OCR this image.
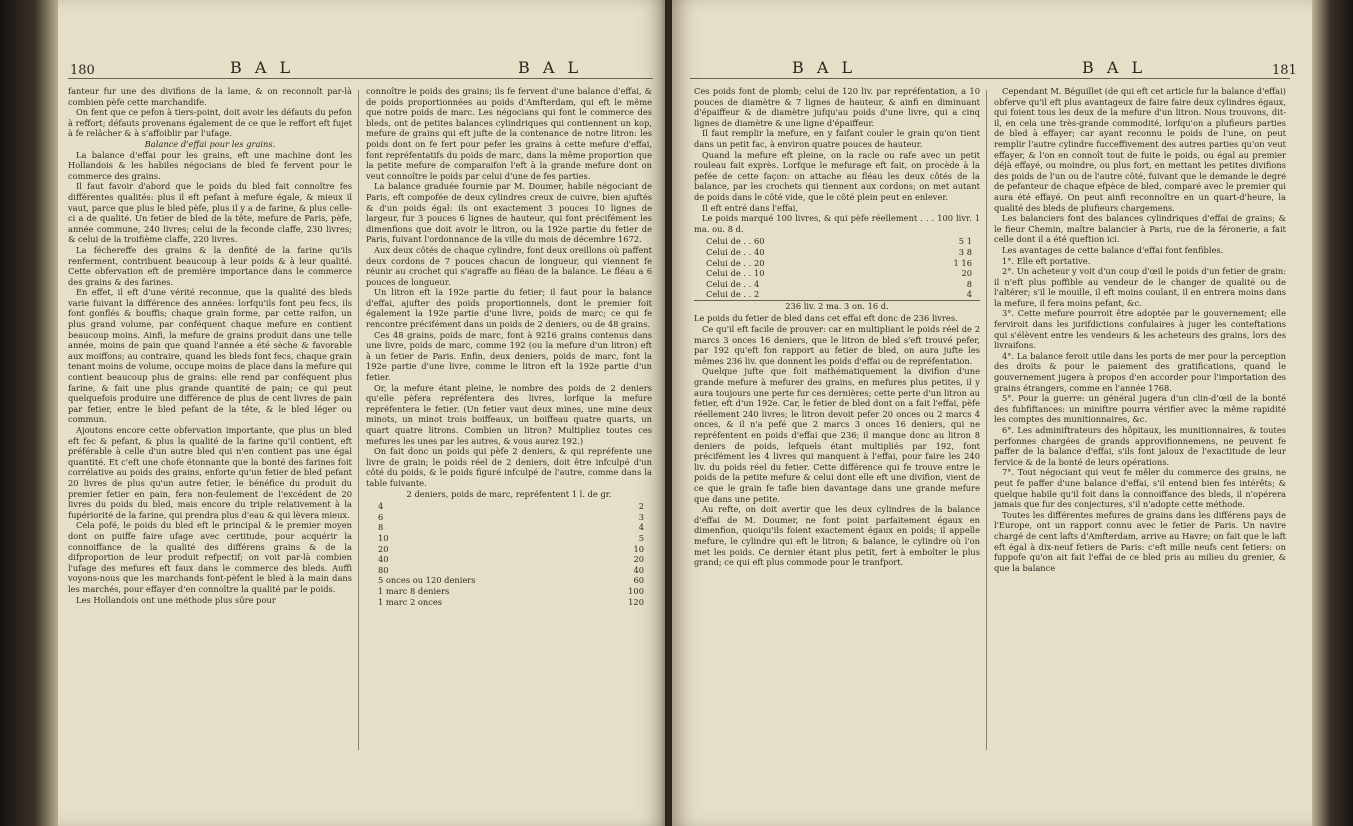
180	B A L	B A L

fanteur fur une des divifions de la lame, & on reconnoît par-là combien pèfe cette marchandife.

On fent que ce pefon à tiers-point, doit avoir les défauts du pefon à reffort; défauts provenans également de ce que le reffort eft fujet à fe relâcher & à s'affoiblir par l'ufage.

Balance d'effai pour les grains.

La balance d'effai pour les grains, eft une machine dont les Hollandois & les habiles négocians de bled fe fervent pour le commerce des grains.

Il faut favoir d'abord que le poids du bled fait connoître fes différentes qualités: plus il eft pefant à mefure égale, & mieux il vaut, parce que plus le bled pèfe, plus il y a de farine, & plus celle-ci a de qualité. Un fetier de bled de la tête, mefure de Paris, pèfe, année commune, 240 livres; celui de la feconde claffe, 230 livres; & celui de la troifième claffe, 220 livres.

La féchereffe des grains & la denfité de la farine qu'ils renferment, contribuent beaucoup à leur poids & à leur qualité. Cette obfervation eft de première importance dans le commerce des grains & des farines.

En effet, il eft d'une vérité reconnue, que la qualité des bleds varie fuivant la différence des années: lorfqu'ils font peu fecs, ils font gonflés & bouffis; chaque grain forme, par cette raifon, un plus grand volume, par conféquent chaque mefure en contient beaucoup moins. Ainfi, la mefure de grains produit dans une telle année, moins de pain que quand l'année a été sèche & favorable aux moiffons; au contraire, quand les bleds font fecs, chaque grain tenant moins de volume, occupe moins de place dans la mefure qui contient beaucoup plus de grains: elle rend par conféquent plus farine, & fait une plus grande quantité de pain; ce qui peut quelquefois produire une différence de plus de cent livres de pain par fetier, entre le bled pefant de la tête, & le bled léger ou commun.

Ajoutons encore cette obfervation importante, que plus un bled eft fec & pefant, & plus la qualité de la farine qu'il contient, eft préférable à celle d'un autre bled qui n'en contient pas une égal quantité. Et c'eft une chofe étonnante que la bonté des farines foit corrélative au poids des grains, enforte qu'un fetier de bled pefant 20 livres de plus qu'un autre fetier, le bénéfice du produit du premier fetier en pain, fera non-feulement de l'excédent de 20 livres du poids du bled, mais encore du triple relativement à la fupériorité de la farine, qui prendra plus d'eau & qui lèvera mieux.

Cela pofé, le poids du bled eft le principal & le premier moyen dont on puiffe faire ufage avec certitude, pour acquérir la connoiffance de la qualité des différens grains & de la difproportion de leur produit refpectif; on voit par-là combien l'ufage des mefures eft faux dans le commerce des bleds. Auffi voyons-nous que les marchands font-pèfent le bled à la main dans les marchés, pour effayer d'en connoître la qualité par le poids.

Les Hollandois ont une méthode plus sûre pour

connoître le poids des grains; ils fe fervent d'une balance d'effai, & de poids proportionnées au poids d'Amfterdam, qui eft le même que notre poids de marc. Les négocians qui font le commerce des bleds, ont de petites balances cylindriques qui contiennent un kop, mefure de grains qui eft jufte de la contenance de notre litron: les poids dont on fe fert pour pefer les grains à cette mefure d'effai, font repréfentatifs du poids de marc, dans la même proportion que la petite mefure de comparaifon l'eft à la grande mefure dont on veut connoître le poids par celui d'une de fes parties.

La balance graduée fournie par M. Doumer, habile négociant de Paris, eft compofée de deux cylindres creux de cuivre, bien ajuftés & d'un poids égal: ils ont exactement 3 pouces 10 lignes de largeur, fur 3 pouces 6 lignes de hauteur, qui font précifément les dimenfions que doit avoir le litron, ou la 192e partie du fetier de Paris, fuivant l'ordonnance de la ville du mois de décembre 1672.

Aux deux côtés de chaque cylindre, font deux oreillons où paffent deux cordons de 7 pouces chacun de longueur, qui viennent fe réunir au crochet qui s'agraffe au fléau de la balance. Le fléau a 6 pouces de longueur.

Un litron eft la 192e partie du fetier; il faut pour la balance d'effai, ajufter des poids proportionnels, dont le premier foit également la 192e partie d'une livre, poids de marc; ce qui fe rencontre précifément dans un poids de 2 deniers, ou de 48 grains.

Ces 48 grains, poids de marc, font à 9216 grains contenus dans une livre, poids de marc, comme 192 (ou la mefure d'un litron) eft à un fetier de Paris. Enfin, deux deniers, poids de marc, font la 192e partie d'une livre, comme le litron eft la 192e partie d'un fetier.

Or, la mefure étant pleine, le nombre des poids de 2 deniers qu'elle pèfera repréfentera des livres, lorfque la mefure repréfentera le fetier. (Un fetier vaut deux mines, une mine deux minots, un minot trois boiffeaux, un boiffeau quatre quarts, un quart quatre litrons. Combien un litron? Multipliez toutes ces mefures les unes par les autres, & vous aurez 192.)

On fait donc un poids qui pèfe 2 deniers, & qui repréfente une livre de grain; le poids réel de 2 deniers, doit être infculpé d'un côté du poids, & le poids figuré infculpé de l'autre, comme dans la table fuivante.

2 deniers, poids de marc, repréfentent 1 l. de gr.

4	2
6	3
8	4
10	5
20	10
40	20
80	40
5 onces ou 120 deniers	60
1 marc 8 deniers	100
1 marc 2 onces	120
B A L	B A L	181

Ces poids font de plomb; celui de 120 liv. par repréfentation, a 10 pouces de diamètre & 7 lignes de hauteur, & ainfi en diminuant d'épaiffeur & de diamètre jufqu'au poids d'une livre, qui a cinq lignes de diamètre & une ligne d'épaiffeur.

Il faut remplir la mefure, en y faifant couler le grain qu'on tient dans un petit fac, à environ quatre pouces de hauteur.

Quand la mefure eft pleine, on la racle ou rafe avec un petit rouleau fait exprès. Lorfque le mefurage eft fait, on procède à la pefée de cette façon: on attache au fléau les deux côtés de la balance, par les crochets qui tiennent aux cordons; on met autant de poids dans le côté vide, que le côté plein peut en enlever.

Il eft entré dans l'effai,

Le poids marqué 100 livres, & qui pèfe réellement . . . 100 livr. 1 ma. ou. 8 d.

Celui de . . 60	5 1
Celui de . . 40	3 8
Celui de . . 20	1 16
Celui de . . 10	20
Celui de . . 4	8
Celui de . . 2	4
236 liv. 2 ma. 3 on. 16 d.

Le poids du fetier de bled dans cet effai eft donc de 236 livres.

Ce qu'il eft facile de prouver: car en multipliant le poids réel de 2 marcs 3 onces 16 deniers, que le litron de bled s'eft trouvé pefer, par 192 qu'eft fon rapport au fetier de bled, on aura jufte les mêmes 236 liv. que donnent les poids d'effai ou de repréfentation.

Quelque jufte que foit mathématiquement la divifion d'une grande mefure à mefurer des grains, en mefures plus petites, il y aura toujours une perte fur ces dernières; cette perte d'un litron au fetier, eft d'un 192e. Car, le fetier de bled dont on a fait l'effai, pèfe réellement 240 livres; le litron devoit pefer 20 onces ou 2 marcs 4 onces, & il n'a pefé que 2 marcs 3 onces 16 deniers, qui ne repréfentent en poids d'effai que 236; il manque donc au litron 8 deniers de poids, lefquels étant multipliés par 192, font précifément les 4 livres qui manquent à l'effai, pour faire les 240 liv. du poids réel du fetier. Cette différence qui fe trouve entre le poids de la petite mefure & celui dont elle eft une divifion, vient de ce que le grain fe tafle bien davantage dans une grande mefure que dans une petite.

Au refte, on doit avertir que les deux cylindres de la balance d'effai de M. Doumer, ne font point parfaitement égaux en dimenfion, quoiqu'ils foient exactement égaux en poids; il appelle mefure, le cylindre qui eft le litron; & balance, le cylindre où l'on met les poids. Ce dernier étant plus petit, fert à emboîter le plus grand; ce qui eft plus commode pour le tranfport.

Cependant M. Béguillet (de qui eft cet article fur la balance d'effai) obferve qu'il eft plus avantageux de faire faire deux cylindres égaux, qui foient tous les deux de la mefure d'un litron. Nous trouvons, dit-il, en cela une très-grande commodité, lorfqu'on a plufieurs parties de bled à effayer; car ayant reconnu le poids de l'une, on peut remplir l'autre cylindre fucceffivement des autres parties qu'on veut effayer, & l'on en connoît tout de fuite le poids, ou égal au premier déjà effayé, ou moindre, ou plus fort, en mettant les petites divifions des poids de l'un ou de l'autre côté, fuivant que le demande le degré de pefanteur de chaque efpèce de bled, comparé avec le premier qui aura été effayé. On peut ainfi reconnoître en un quart-d'heure, la qualité des bleds de plufieurs chargemens.

Les balanciers font des balances cylindriques d'effai de grains; & le fieur Chemin, maître balancier à Paris, rue de la féronerie, a fait celle dont il a été queftion ici.

Les avantages de cette balance d'effai font fenfibles.

1°. Elle eft portative.

2°. Un acheteur y voit d'un coup d'œil le poids d'un fetier de grain: il n'eft plus poffible au vendeur de le changer de qualité ou de l'altérer; s'il le mouille, il eft moins coulant, il en entrera moins dans la mefure, il fera moins pefant, &c.

3°. Cette mefure pourroit être adoptée par le gouvernement; elle ferviroit dans les jurifdictions confulaires à juger les conteftations qui s'élèvent entre les vendeurs & les acheteurs des grains, lors des livraifons.

4°. La balance feroit utile dans les ports de mer pour la perception des droits & pour le paiement des gratifications, quand le gouvernement jugera à propos d'en accorder pour l'importation des grains étrangers, comme en l'année 1768.

5°. Pour la guerre: un général jugera d'un clin-d'œil de la bonté des fubfiftances: un miniftre pourra vérifier avec la même rapidité les comptes des munitionnaires, &c.

6°. Les adminiftrateurs des hôpitaux, les munitionnaires, & toutes perfonnes chargées de grands approvifionnemens, ne peuvent fe paffer de la balance d'effai, s'ils font jaloux de l'exactitude de leur fervice & de la bonté de leurs opérations.

7°. Tout négociant qui veut fe mêler du commerce des grains, ne peut fe paffer d'une balance d'effai, s'il entend bien fes intérêts; & quelque habile qu'il foit dans la connoiffance des bleds, il n'opérera jamais que fur des conjectures, s'il n'adopte cette méthode.

Toutes les différentes mefures de grains dans les différens pays de l'Europe, ont un rapport connu avec le fetier de Paris. Un navire chargé de cent lafts d'Amfterdam, arrive au Havre; on fait que le laft eft égal à dix-neuf fetiers de Paris: c'eft mille neufs cent fetiers: on fuppofe qu'on ait fait l'effai de ce bled pris au milieu du grenier, & que la balance
